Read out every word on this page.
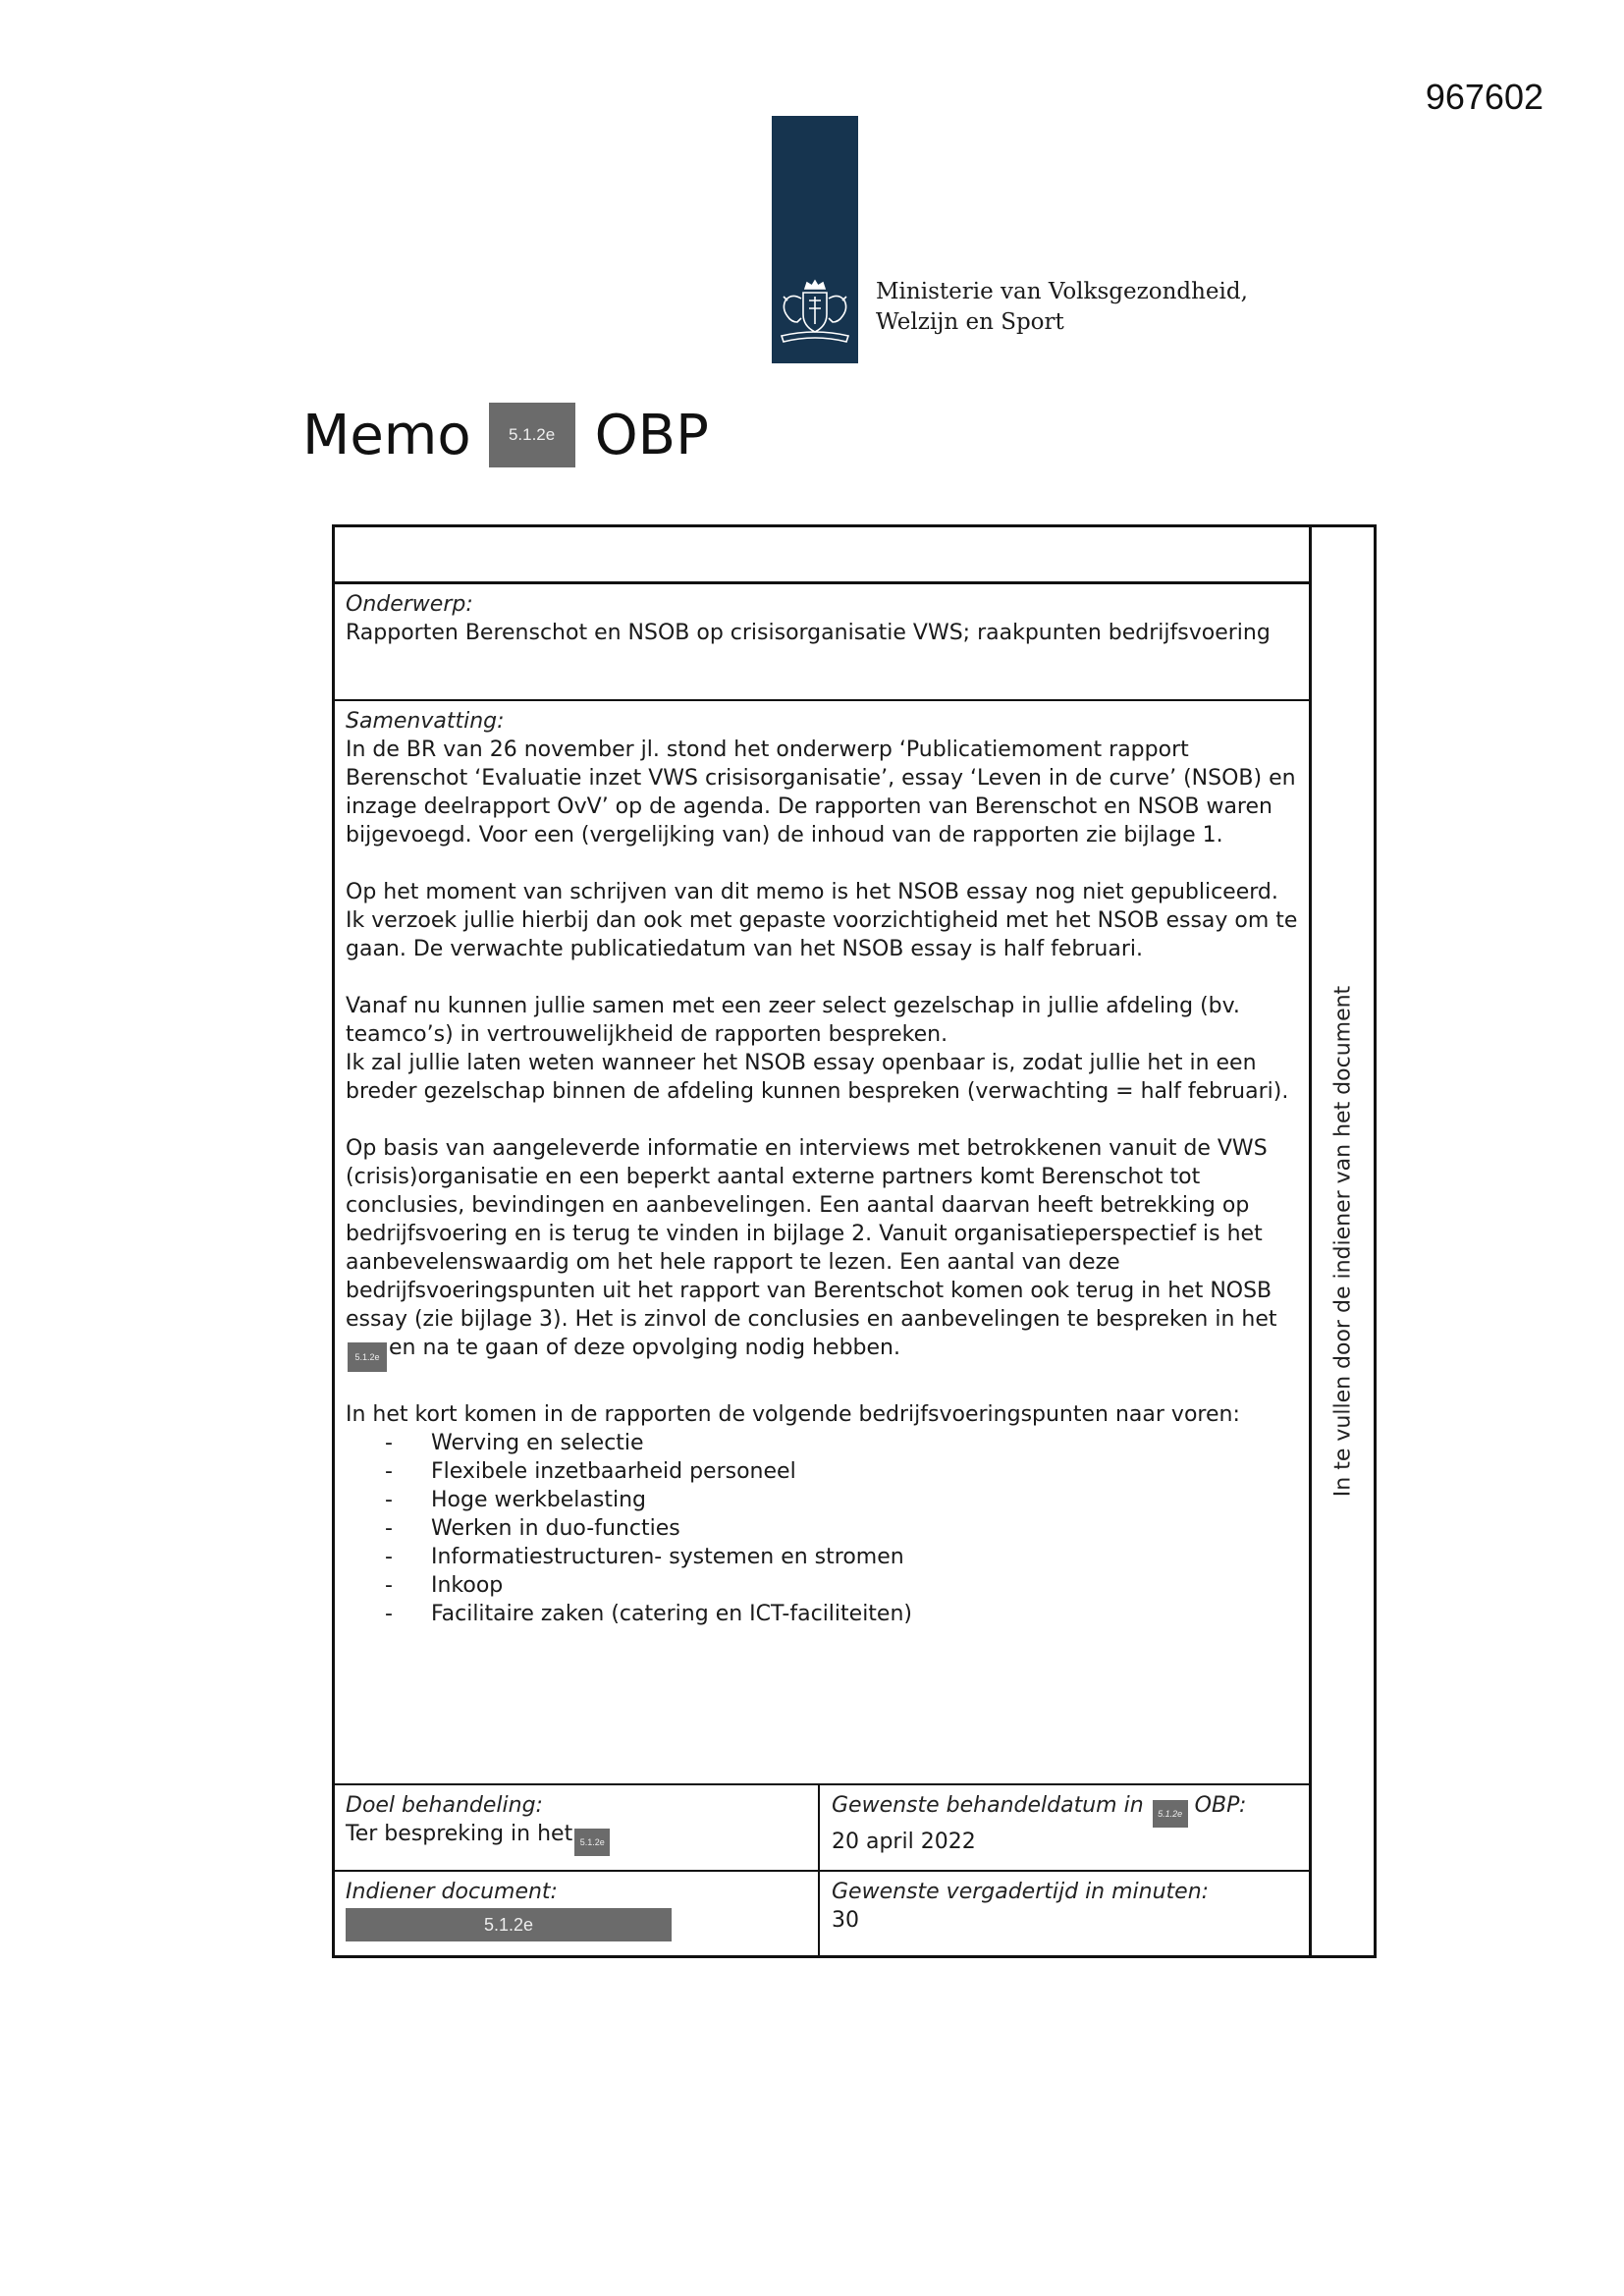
967602
Ministerie van Volksgezondheid,
Welzijn en Sport
Memo	5.1.2e OBP
Onderwerp:
Rapporten Berenschot en NSOB op crisisorganisatie VWS; raakpunten bedrijfsvoering
Samenvatting:
In de BR van 26 november jl. stond het onderwerp ‘Publicatiemoment rapport Berenschot ‘Evaluatie inzet VWS crisisorganisatie’, essay ‘Leven in de curve’ (NSOB) en inzage deelrapport OvV’ op de agenda. De rapporten van Berenschot en NSOB waren bijgevoegd. Voor een (vergelijking van) de inhoud van de rapporten zie bijlage 1.
Op het moment van schrijven van dit memo is het NSOB essay nog niet gepubliceerd. Ik verzoek jullie hierbij dan ook met gepaste voorzichtigheid met het NSOB essay om te gaan. De verwachte publicatiedatum van het NSOB essay is half februari.
Vanaf nu kunnen jullie samen met een zeer select gezelschap in jullie afdeling (bv. teamco’s) in vertrouwelijkheid de rapporten bespreken.
Ik zal jullie laten weten wanneer het NSOB essay openbaar is, zodat jullie het in een breder gezelschap binnen de afdeling kunnen bespreken (verwachting = half februari).
Op basis van aangeleverde informatie en interviews met betrokkenen vanuit de VWS (crisis)organisatie en een beperkt aantal externe partners komt Berenschot tot conclusies, bevindingen en aanbevelingen. Een aantal daarvan heeft betrekking op bedrijfsvoering en is terug te vinden in bijlage 2. Vanuit organisatieperspectief is het aanbevelenswaardig om het hele rapport te lezen. Een aantal van deze bedrijfsvoeringspunten uit het rapport van Berentschot komen ook terug in het NOSB essay (zie bijlage 3). Het is zinvol de conclusies en aanbevelingen te bespreken in het5.1.2e en na te gaan of deze opvolging nodig hebben.
In het kort komen in de rapporten de volgende bedrijfsvoeringspunten naar voren:
- Werving en selectie
- Flexibele inzetbaarheid personeel
- Hoge werkbelasting
- Werken in duo-functies
- Informatiestructuren- systemen en stromen
- Inkoop
- Facilitaire zaken (catering en ICT-faciliteiten)
Doel behandeling:
Ter bespreking in het 5.1.2e
Gewenste behandeldatum in 5.1.2e OBP:
20 april 2022
Indiener document:
5.1.2e
Gewenste vergadertijd in minuten:
30
In te vullen door de indiener van het document
